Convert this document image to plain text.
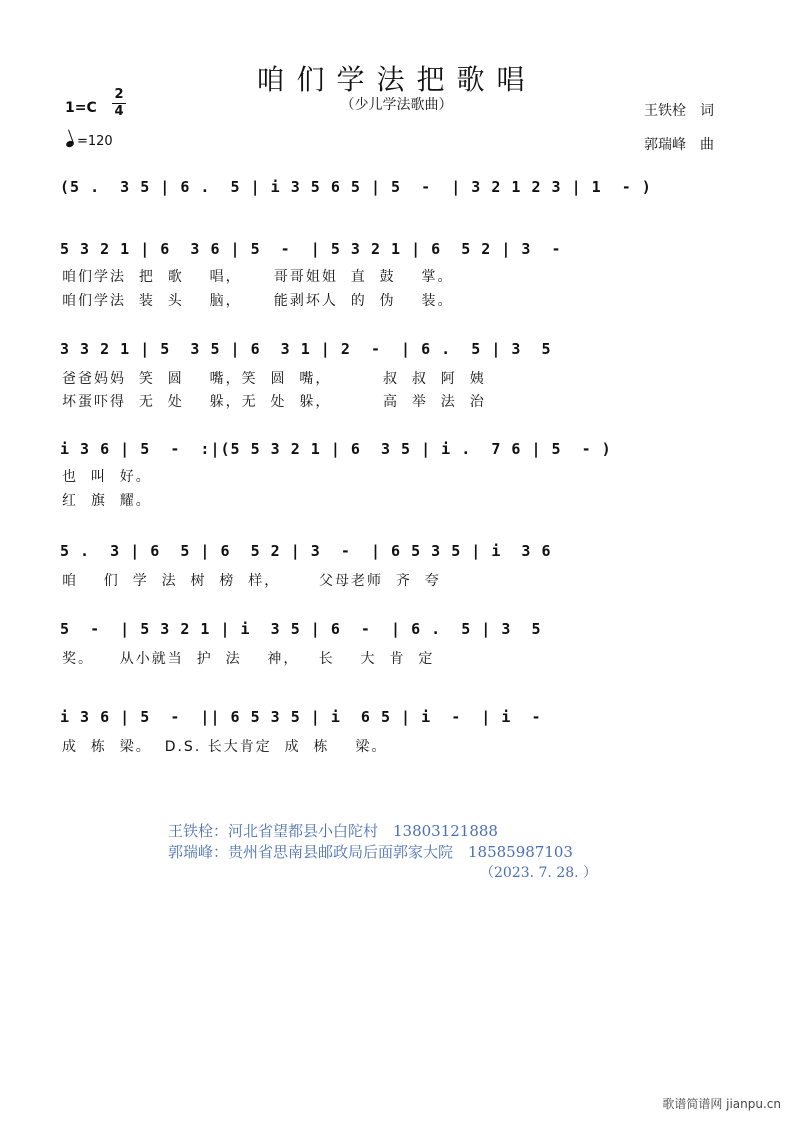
咱们学法把歌唱
（少儿学法歌曲）
1=C
2
4
=120
王铁栓　词
郭瑞峰　曲
(5 .  3 5 | 6 .  5 | i 3 5 6 5 | 5  -  | 3 2 1 2 3 | 1  - )
5 3 2 1 | 6  3 6 | 5  -  | 5 3 2 1 | 6  5 2 | 3  -
咱们学法  把  歌    唱，     哥哥姐姐  直  鼓    掌。
咱们学法  装  头    脑，     能剥坏人  的  伪    装。
3 3 2 1 | 5  3 5 | 6  3 1 | 2  -  | 6 .  5 | 3  5
爸爸妈妈  笑  圆    嘴，笑  圆  嘴，        叔  叔  阿  姨
坏蛋吓得  无  处    躲，无  处  躲，        高  举  法  治
i 3 6 | 5  -  :|(5 5 3 2 1 | 6  3 5 | i .  7 6 | 5  - )
也  叫  好。
红  旗  耀。
5 .  3 | 6  5 | 6  5 2 | 3  -  | 6 5 3 5 | i  3 6
咱    们  学  法  树  榜  样，      父母老师  齐  夸
5  -  | 5 3 2 1 | i  3 5 | 6  -  | 6 .  5 | 3  5
奖。    从小就当  护  法    神，   长    大  肯  定
i 3 6 | 5  -  || 6 5 3 5 | i  6 5 | i  -  | i  -
成  栋  梁。  D.S. 长大肯定  成  栋    梁。
王铁栓：河北省望都县小白陀村　13803121888
郭瑞峰：贵州省思南县邮政局后面郭家大院　18585987103
（2023. 7. 28. ）
歌谱简谱网 jianpu.cn
